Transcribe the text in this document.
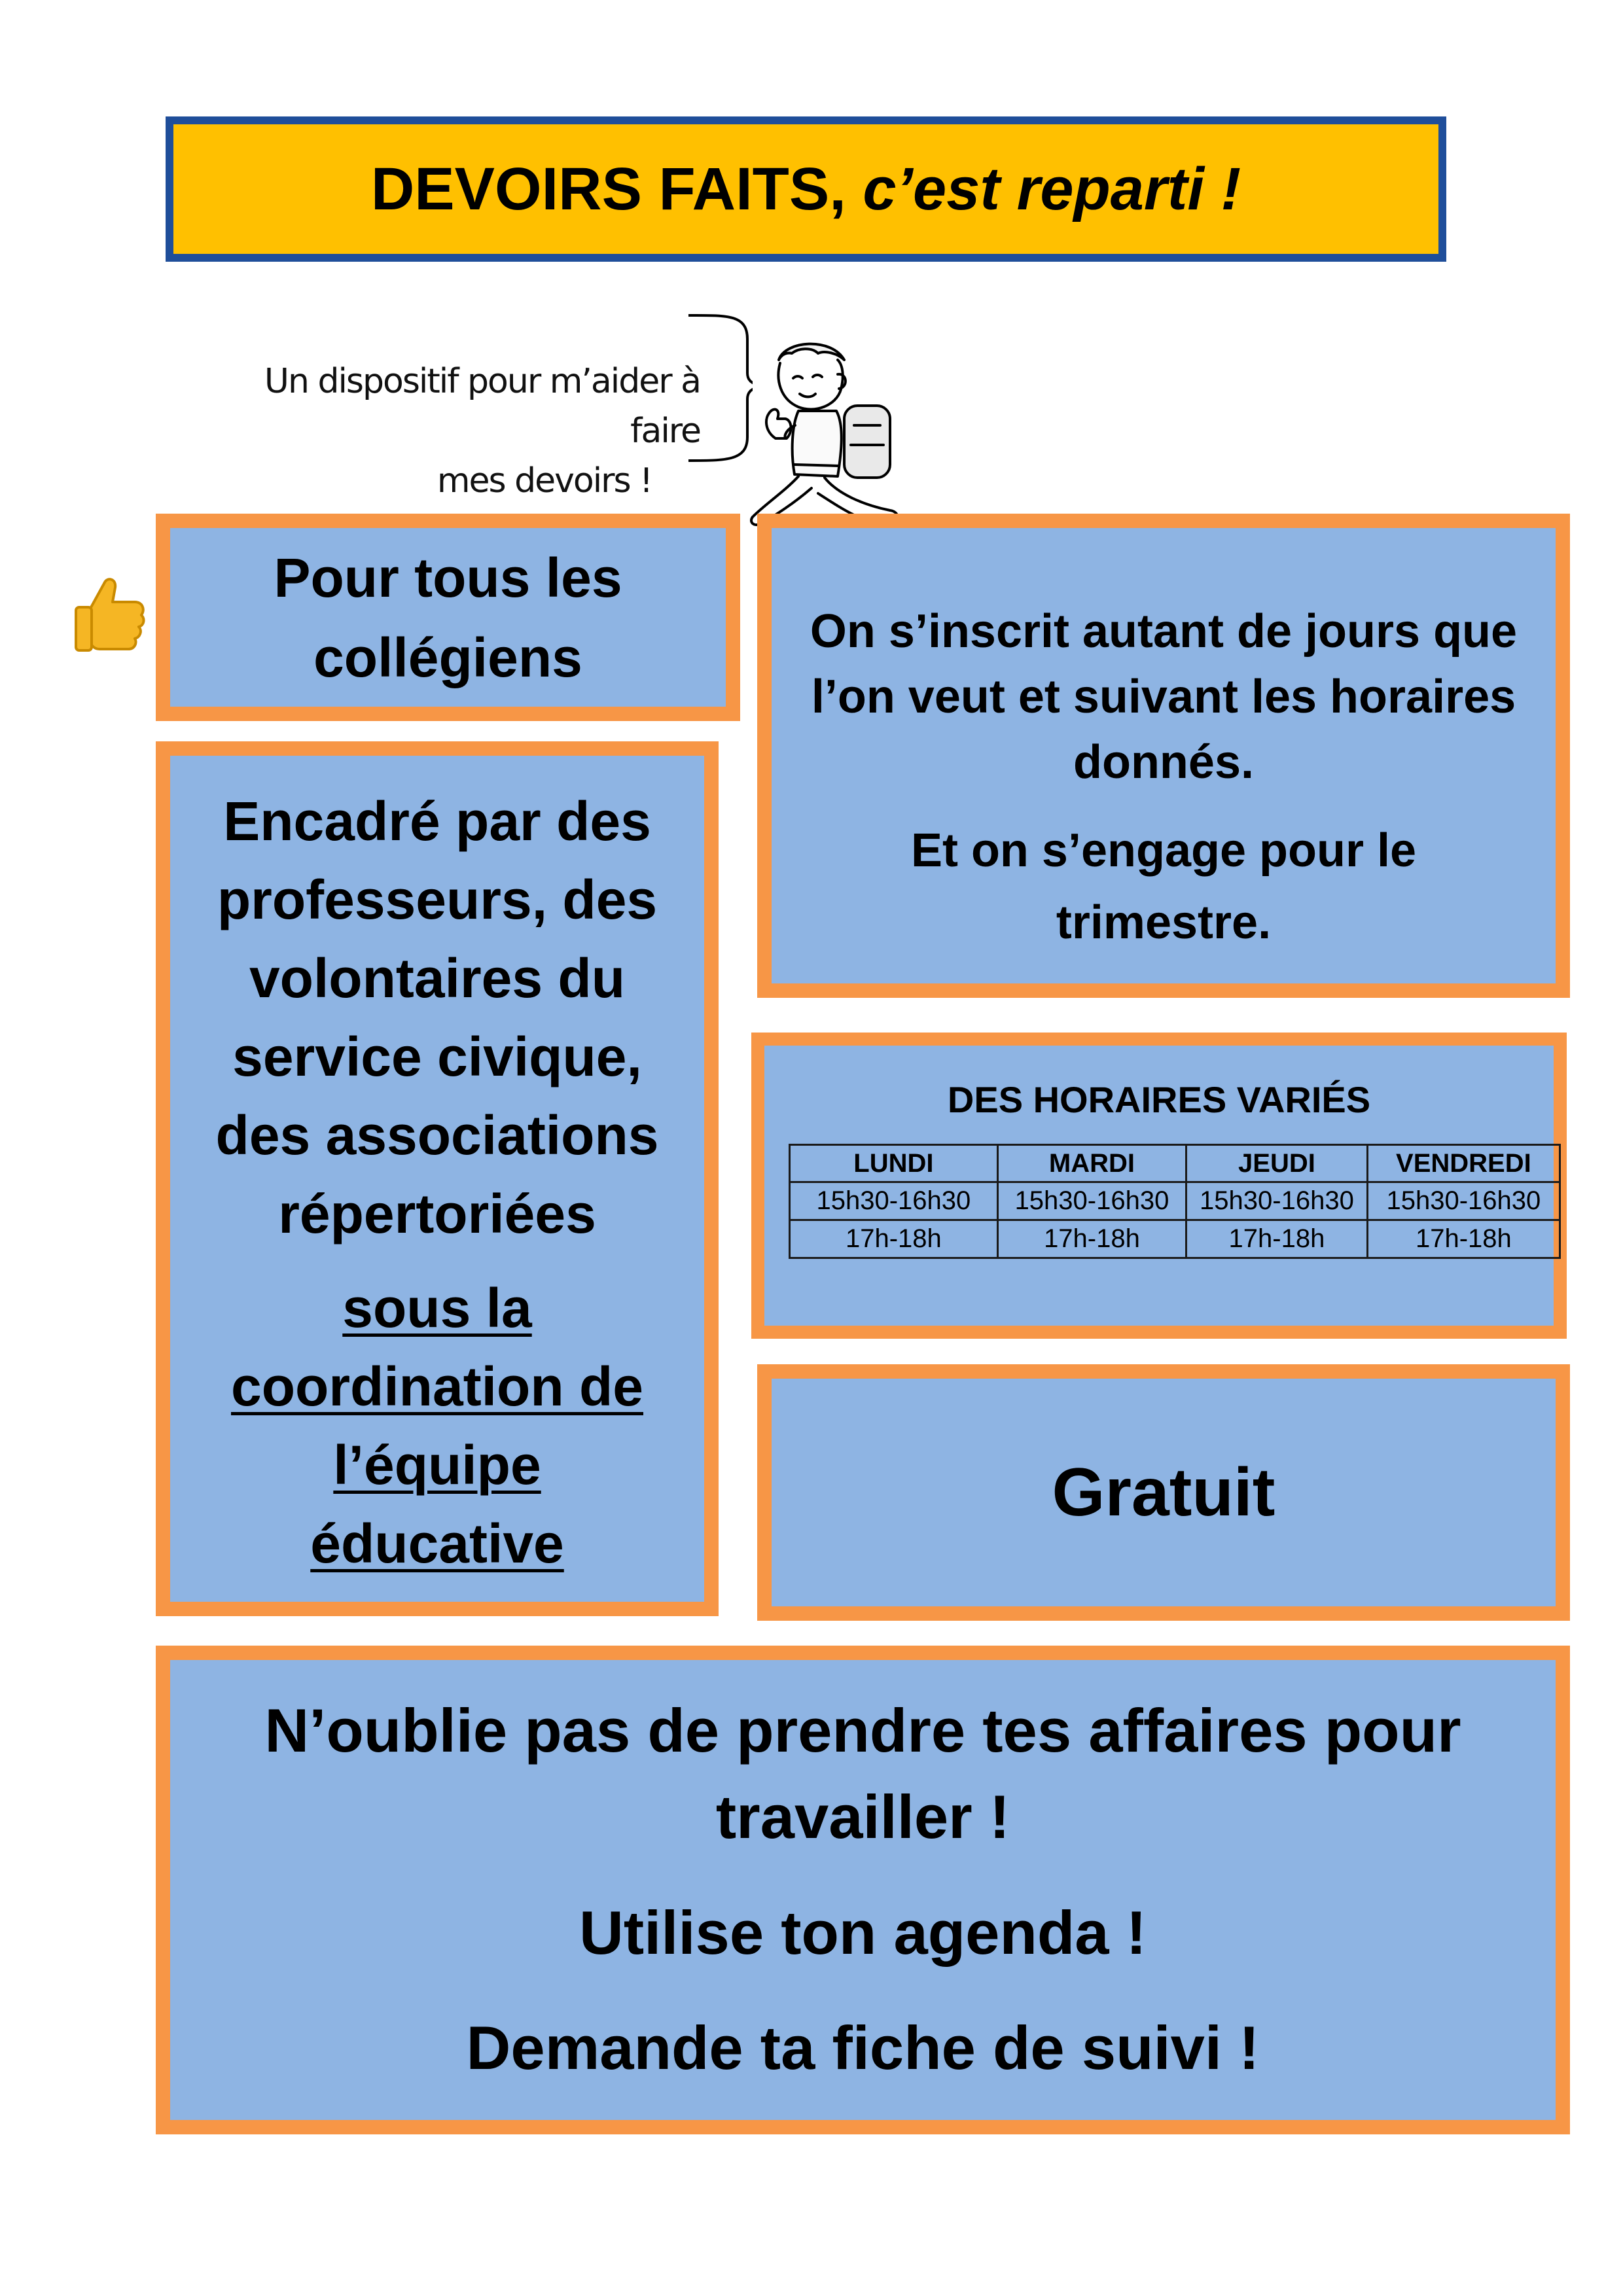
DEVOIRS FAITS, c’est reparti !
Un dispositif pour m’aider à faire
mes devoirs !
Pour tous les
collégiens
Encadré par des
professeurs, des
volontaires du
service civique,
des associations
répertoriées
sous la
coordination de
l’équipe
éducative
On s’inscrit autant de jours que
l’on veut et suivant les horaires
donnés.
Et on s’engage pour le
trimestre.
DES HORAIRES VARIÉS
LUNDI	MARDI	JEUDI	VENDREDI
15h30-16h30	15h30-16h30	15h30-16h30	15h30-16h30
17h-18h	17h-18h	17h-18h	17h-18h
Gratuit
N’oublie pas de prendre tes affaires pour
travailler !
Utilise ton agenda !
Demande ta fiche de suivi !
